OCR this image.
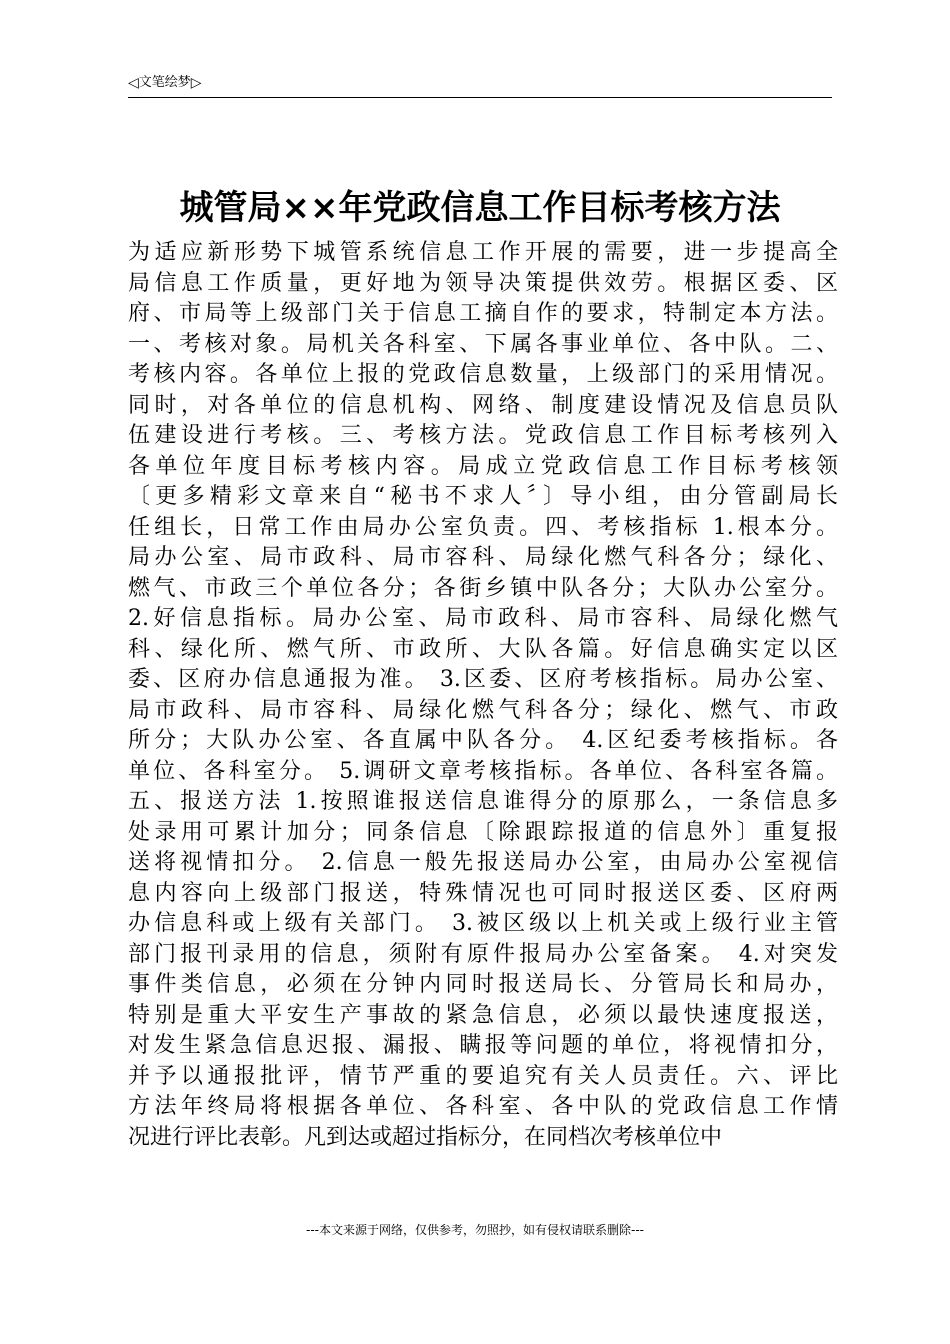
◁ 文笔绘梦 ▷
城管局××年党政信息工作目标考核方法
为适应新形势下城管系统信息工作开展的需要，进一步提高全
局信息工作质量，更好地为领导决策提供效劳。根据区委、区
府、市局等上级部门关于信息工摘自作的要求，特制定本方法。
一、考核对象。局机关各科室、下属各事业单位、各中队。二、
考核内容。各单位上报的党政信息数量，上级部门的采用情况。
同时，对各单位的信息机构、网络、制度建设情况及信息员队
伍建设进行考核。三、考核方法。党政信息工作目标考核列入
各单位年度目标考核内容。局成立党政信息工作目标考核领
〔更多精彩文章来自“秘书不求人〞〕导小组，由分管副局长
任组长，日常工作由局办公室负责。四、考核指标 1.根本分。
局办公室、局市政科、局市容科、局绿化燃气科各分；绿化、
燃气、市政三个单位各分；各街乡镇中队各分；大队办公室分。
2.好信息指标。局办公室、局市政科、局市容科、局绿化燃气
科、绿化所、燃气所、市政所、大队各篇。好信息确实定以区
委、区府办信息通报为准。 3.区委、区府考核指标。局办公室、
局市政科、局市容科、局绿化燃气科各分；绿化、燃气、市政
所分；大队办公室、各直属中队各分。 4.区纪委考核指标。各
单位、各科室分。 5.调研文章考核指标。各单位、各科室各篇。
五、报送方法 1.按照谁报送信息谁得分的原那么，一条信息多
处录用可累计加分；同条信息〔除跟踪报道的信息外〕重复报
送将视情扣分。 2.信息一般先报送局办公室，由局办公室视信
息内容向上级部门报送，特殊情况也可同时报送区委、区府两
办信息科或上级有关部门。 3.被区级以上机关或上级行业主管
部门报刊录用的信息，须附有原件报局办公室备案。 4.对突发
事件类信息，必须在分钟内同时报送局长、分管局长和局办，
特别是重大平安生产事故的紧急信息，必须以最快速度报送，
对发生紧急信息迟报、漏报、瞒报等问题的单位，将视情扣分，
并予以通报批评，情节严重的要追究有关人员责任。六、评比
方法年终局将根据各单位、各科室、各中队的党政信息工作情
况进行评比表彰。凡到达或超过指标分，在同档次考核单位中
---本文来源于网络，仅供参考，勿照抄，如有侵权请联系删除---
